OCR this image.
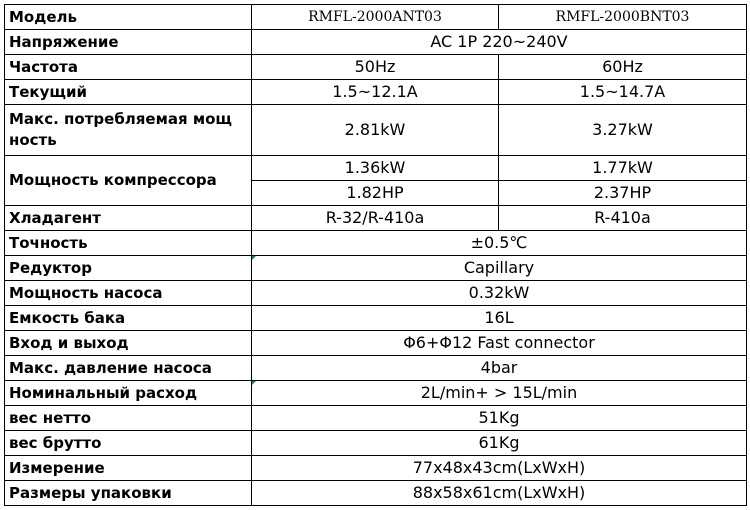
Модель	RMFL-2000ANT03	RMFL-2000BNT03
Напряжение	AC 1P 220~240V	
Частота	50Hz	60Hz
Текущий	1.5~12.1A	1.5~14.7A
Макс. потребляемая мощ ность	2.81kW	3.27kW
Мощность компрессора	1.36kW	1.77kW
	1.82HP	2.37HP
Хладагент	R-32/R-410a	R-410a
Точность	±0.5℃	
Редуктор	Capillary	
Мощность насоса	0.32kW	
Емкость бака	16L	
Вход и выход	Φ6+Φ12 Fast connector	
Макс. давление насоса	4bar	
Номинальный расход	2L/min+ > 15L/min	
вес нетто	51Kg	
вес брутто	61Kg	
Измерение	77x48x43cm(LxWxH)	
Размеры упаковки	88x58x61cm(LxWxH)	
